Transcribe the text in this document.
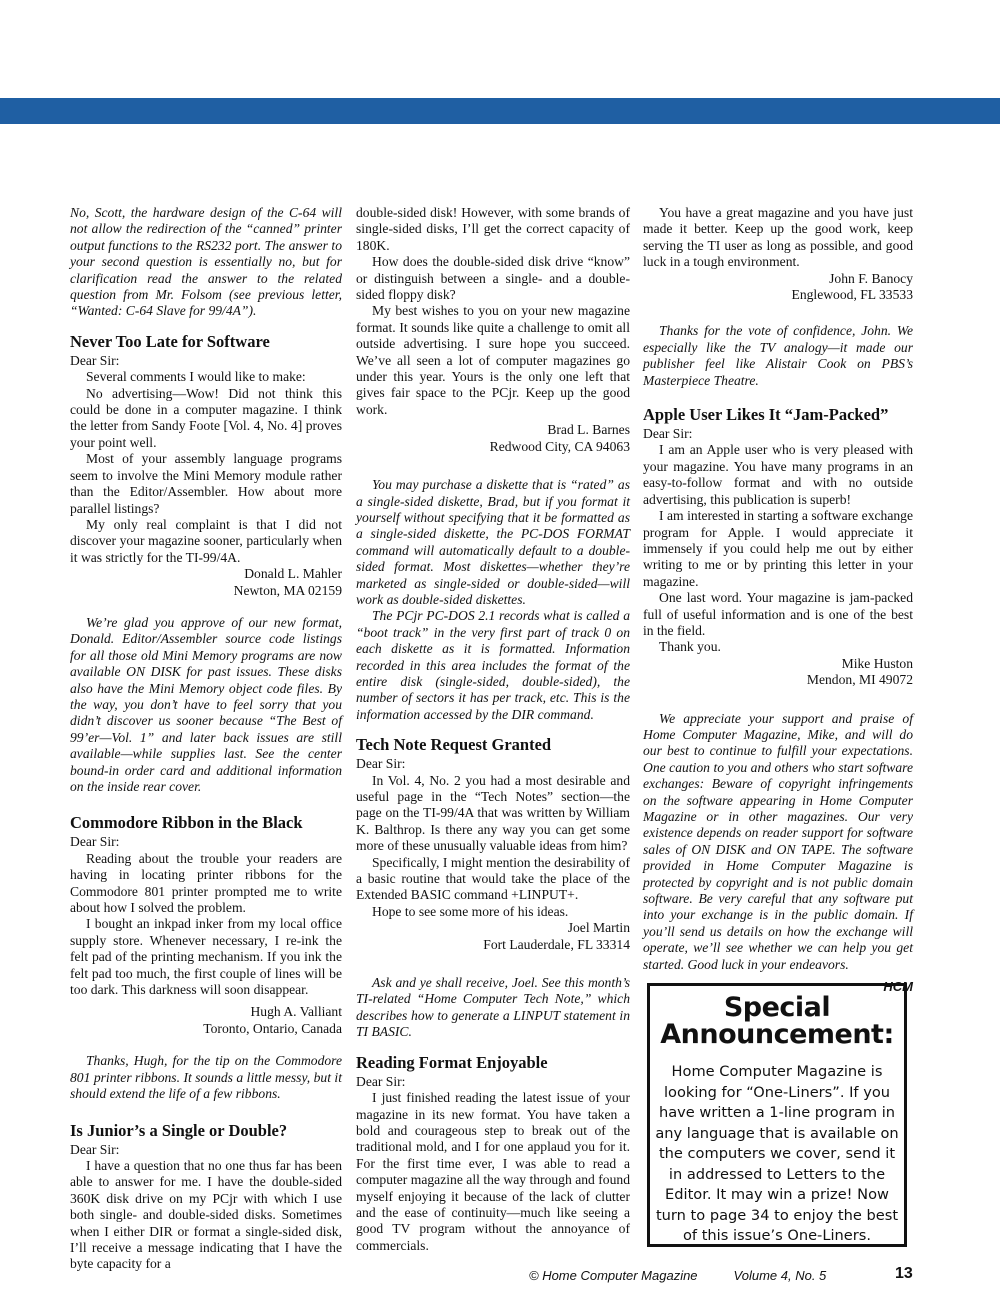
No, Scott, the hardware design of the C-64 will not allow the redirection of the “canned” printer output functions to the RS232 port. The answer to your second question is essentially no, but for clarification read the answer to the related question from Mr. Folsom (see previous letter, “Wanted: C-64 Slave for 99/4A”).

Never Too Late for Software

Dear Sir:

Several comments I would like to make:

No advertising—Wow! Did not think this could be done in a computer magazine. I think the letter from Sandy Foote [Vol. 4, No. 4] proves your point well.

Most of your assembly language programs seem to involve the Mini Memory module rather than the Editor/Assembler. How about more parallel listings?

My only real complaint is that I did not discover your magazine sooner, particularly when it was strictly for the TI-99/4A.

Donald L. Mahler

Newton, MA 02159

We’re glad you approve of our new format, Donald. Editor/Assembler source code listings for all those old Mini Memory programs are now available ON DISK for past issues. These disks also have the Mini Memory object code files. By the way, you don’t have to feel sorry that you didn’t discover us sooner because “The Best of 99’er—Vol. 1” and later back issues are still available—while supplies last. See the center bound-in order card and additional information on the inside rear cover.

Commodore Ribbon in the Black

Dear Sir:

Reading about the trouble your readers are having in locating printer ribbons for the Commodore 801 printer prompted me to write about how I solved the problem.

I bought an inkpad inker from my local office supply store. Whenever necessary, I re-ink the felt pad of the printing mechanism. If you ink the felt pad too much, the first couple of lines will be too dark. This darkness will soon disappear.

Hugh A. Valliant

Toronto, Ontario, Canada

Thanks, Hugh, for the tip on the Commodore 801 printer ribbons. It sounds a little messy, but it should extend the life of a few ribbons.

Is Junior’s a Single or Double?

Dear Sir:

I have a question that no one thus far has been able to answer for me. I have the double-sided 360K disk drive on my PCjr with which I use both single- and double-sided disks. Sometimes when I either DIR or format a single-sided disk, I’ll receive a message indicating that I have the byte capacity for a

double-sided disk! However, with some brands of single-sided disks, I’ll get the correct capacity of 180K.

How does the double-sided disk drive “know” or distinguish between a single- and a double-sided floppy disk?

My best wishes to you on your new magazine format. It sounds like quite a challenge to omit all outside advertising. I sure hope you succeed. We’ve all seen a lot of computer magazines go under this year. Yours is the only one left that gives fair space to the PCjr. Keep up the good work.

Brad L. Barnes

Redwood City, CA 94063

You may purchase a diskette that is “rated” as a single-sided diskette, Brad, but if you format it yourself without specifying that it be formatted as a single-sided diskette, the PC-DOS FORMAT command will automatically default to a double-sided format. Most diskettes—whether they’re marketed as single-sided or double-sided—will work as double-sided diskettes.

The PCjr PC-DOS 2.1 records what is called a “boot track” in the very first part of track 0 on each diskette as it is formatted. Information recorded in this area includes the format of the entire disk (single-sided, double-sided), the number of sectors it has per track, etc. This is the information accessed by the DIR command.

Tech Note Request Granted

Dear Sir:

In Vol. 4, No. 2 you had a most desirable and useful page in the “Tech Notes” section—the page on the TI-99/4A that was written by William K. Balthrop. Is there any way you can get some more of these unusually valuable ideas from him?

Specifically, I might mention the desirability of a basic routine that would take the place of the Extended BASIC command +LINPUT+.

Hope to see some more of his ideas.

Joel Martin

Fort Lauderdale, FL 33314

Ask and ye shall receive, Joel. See this month’s TI-related “Home Computer Tech Note,” which describes how to generate a LINPUT statement in TI BASIC.

Reading Format Enjoyable

Dear Sir:

I just finished reading the latest issue of your magazine in its new format. You have taken a bold and courageous step to break out of the traditional mold, and I for one applaud you for it. For the first time ever, I was able to read a computer magazine all the way through and found myself enjoying it because of the lack of clutter and the ease of continuity—much like seeing a good TV program without the annoyance of commercials.

You have a great magazine and you have just made it better. Keep up the good work, keep serving the TI user as long as possible, and good luck in a tough environment.

John F. Banocy

Englewood, FL 33533

Thanks for the vote of confidence, John. We especially like the TV analogy—it made our publisher feel like Alistair Cook on PBS’s Masterpiece Theatre.

Apple User Likes It “Jam-Packed”

Dear Sir:

I am an Apple user who is very pleased with your magazine. You have many programs in an easy-to-follow format and with no outside advertising, this publication is superb!

I am interested in starting a software exchange program for Apple. I would appreciate it immensely if you could help me out by either writing to me or by printing this letter in your magazine.

One last word. Your magazine is jam-packed full of useful information and is one of the best in the field.

Thank you.

Mike Huston

Mendon, MI 49072

We appreciate your support and praise of Home Computer Magazine, Mike, and will do our best to continue to fulfill your expectations. One caution to you and others who start software exchanges: Beware of copyright infringements on the software appearing in Home Computer Magazine or in other magazines. Our very existence depends on reader support for software sales of ON DISK and ON TAPE. The software provided in Home Computer Magazine is protected by copyright and is not public domain software. Be very careful that any software put into your exchange is in the public domain. If you’ll send us details on how the exchange will operate, we’ll see whether we can help you get started. Good luck in your endeavors.

HCM
Special
Announcement:
Home Computer Magazine is looking for “One-Liners”. If you have written a 1-line program in any language that is available on the computers we cover, send it in addressed to Letters to the Editor. It may win a prize! Now turn to page 34 to enjoy the best of this issue’s One-Liners.
© Home Computer Magazine	Volume 4, No. 5	13
